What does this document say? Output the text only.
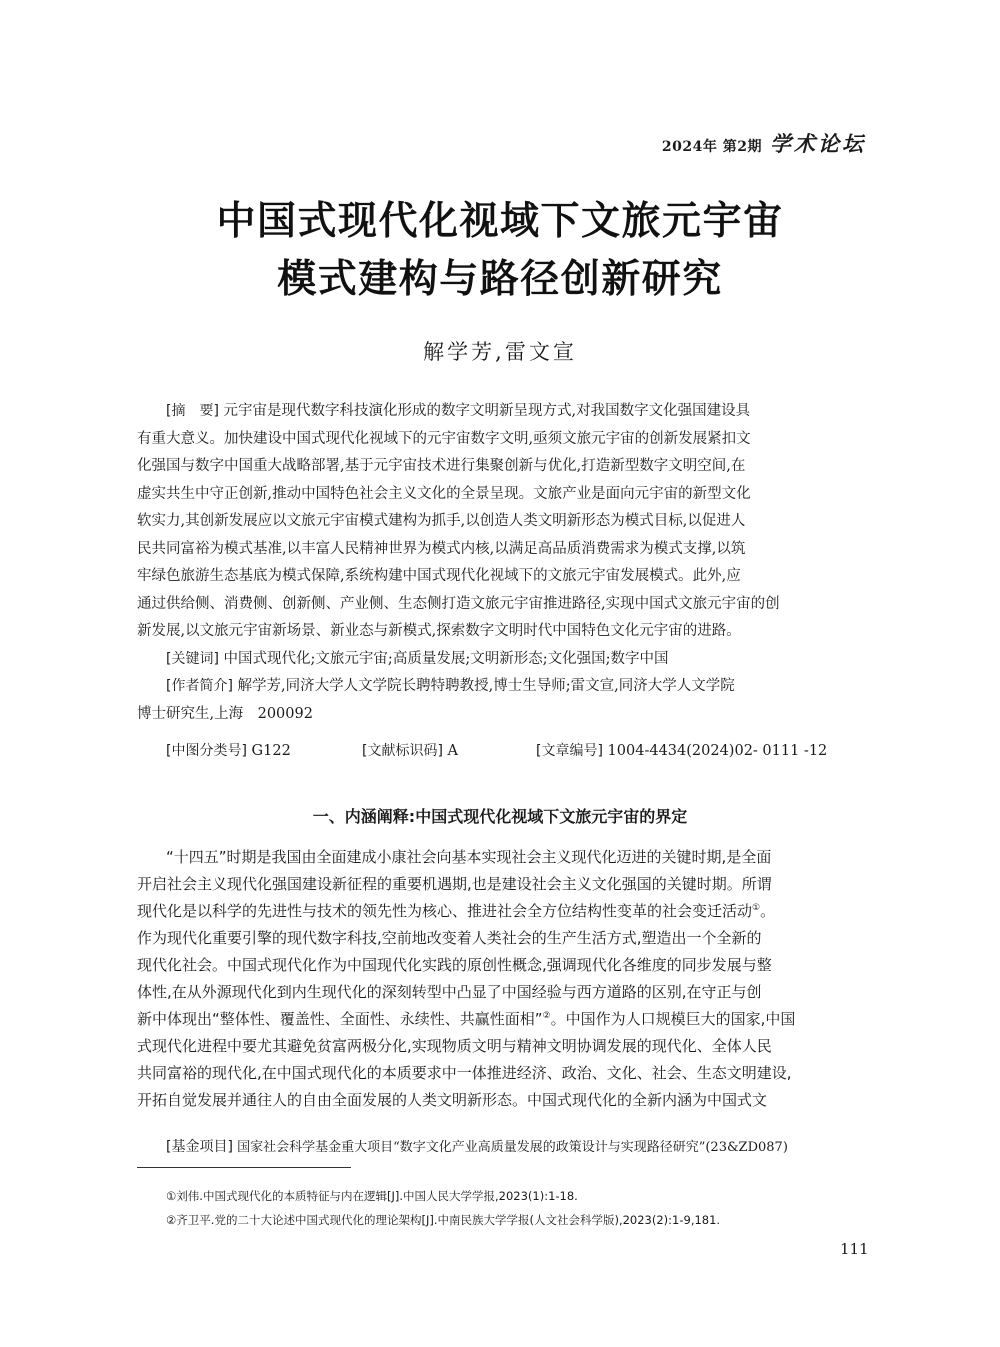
2024年 第2期 学术论坛
中国式现代化视域下文旅元宇宙
模式建构与路径创新研究
解学芳,雷文宣
[摘　要] 元宇宙是现代数字科技演化形成的数字文明新呈现方式,对我国数字文化强国建设具
有重大意义。加快建设中国式现代化视域下的元宇宙数字文明,亟须文旅元宇宙的创新发展紧扣文
化强国与数字中国重大战略部署,基于元宇宙技术进行集聚创新与优化,打造新型数字文明空间,在
虚实共生中守正创新,推动中国特色社会主义文化的全景呈现。文旅产业是面向元宇宙的新型文化
软实力,其创新发展应以文旅元宇宙模式建构为抓手,以创造人类文明新形态为模式目标,以促进人
民共同富裕为模式基准,以丰富人民精神世界为模式内核,以满足高品质消费需求为模式支撑,以筑
牢绿色旅游生态基底为模式保障,系统构建中国式现代化视域下的文旅元宇宙发展模式。此外,应
通过供给侧、消费侧、创新侧、产业侧、生态侧打造文旅元宇宙推进路径,实现中国式文旅元宇宙的创
新发展,以文旅元宇宙新场景、新业态与新模式,探索数字文明时代中国特色文化元宇宙的进路。
[关键词] 中国式现代化;文旅元宇宙;高质量发展;文明新形态;文化强国;数字中国
[作者简介] 解学芳,同济大学人文学院长聘特聘教授,博士生导师;雷文宣,同济大学人文学院
博士研究生,上海　200092
[中图分类号] G122	[文献标识码] A	[文章编号] 1004-4434(2024)02- 0111 -12
一、内涵阐释:中国式现代化视域下文旅元宇宙的界定
“十四五”时期是我国由全面建成小康社会向基本实现社会主义现代化迈进的关键时期,是全面
开启社会主义现代化强国建设新征程的重要机遇期,也是建设社会主义文化强国的关键时期。所谓
现代化是以科学的先进性与技术的领先性为核心、推进社会全方位结构性变革的社会变迁活动①。
作为现代化重要引擎的现代数字科技,空前地改变着人类社会的生产生活方式,塑造出一个全新的
现代化社会。中国式现代化作为中国现代化实践的原创性概念,强调现代化各维度的同步发展与整
体性,在从外源现代化到内生现代化的深刻转型中凸显了中国经验与西方道路的区别,在守正与创
新中体现出“整体性、覆盖性、全面性、永续性、共赢性面相”②。中国作为人口规模巨大的国家,中国
式现代化进程中要尤其避免贫富两极分化,实现物质文明与精神文明协调发展的现代化、全体人民
共同富裕的现代化,在中国式现代化的本质要求中一体推进经济、政治、文化、社会、生态文明建设,
开拓自觉发展并通往人的自由全面发展的人类文明新形态。中国式现代化的全新内涵为中国式文
[基金项目] 国家社会科学基金重大项目“数字文化产业高质量发展的政策设计与实现路径研究”(23&ZD087)
①刘伟.中国式现代化的本质特征与内在逻辑[J].中国人民大学学报,2023(1):1-18.
②齐卫平.党的二十大论述中国式现代化的理论架构[J].中南民族大学学报(人文社会科学版),2023(2):1-9,181.
111
